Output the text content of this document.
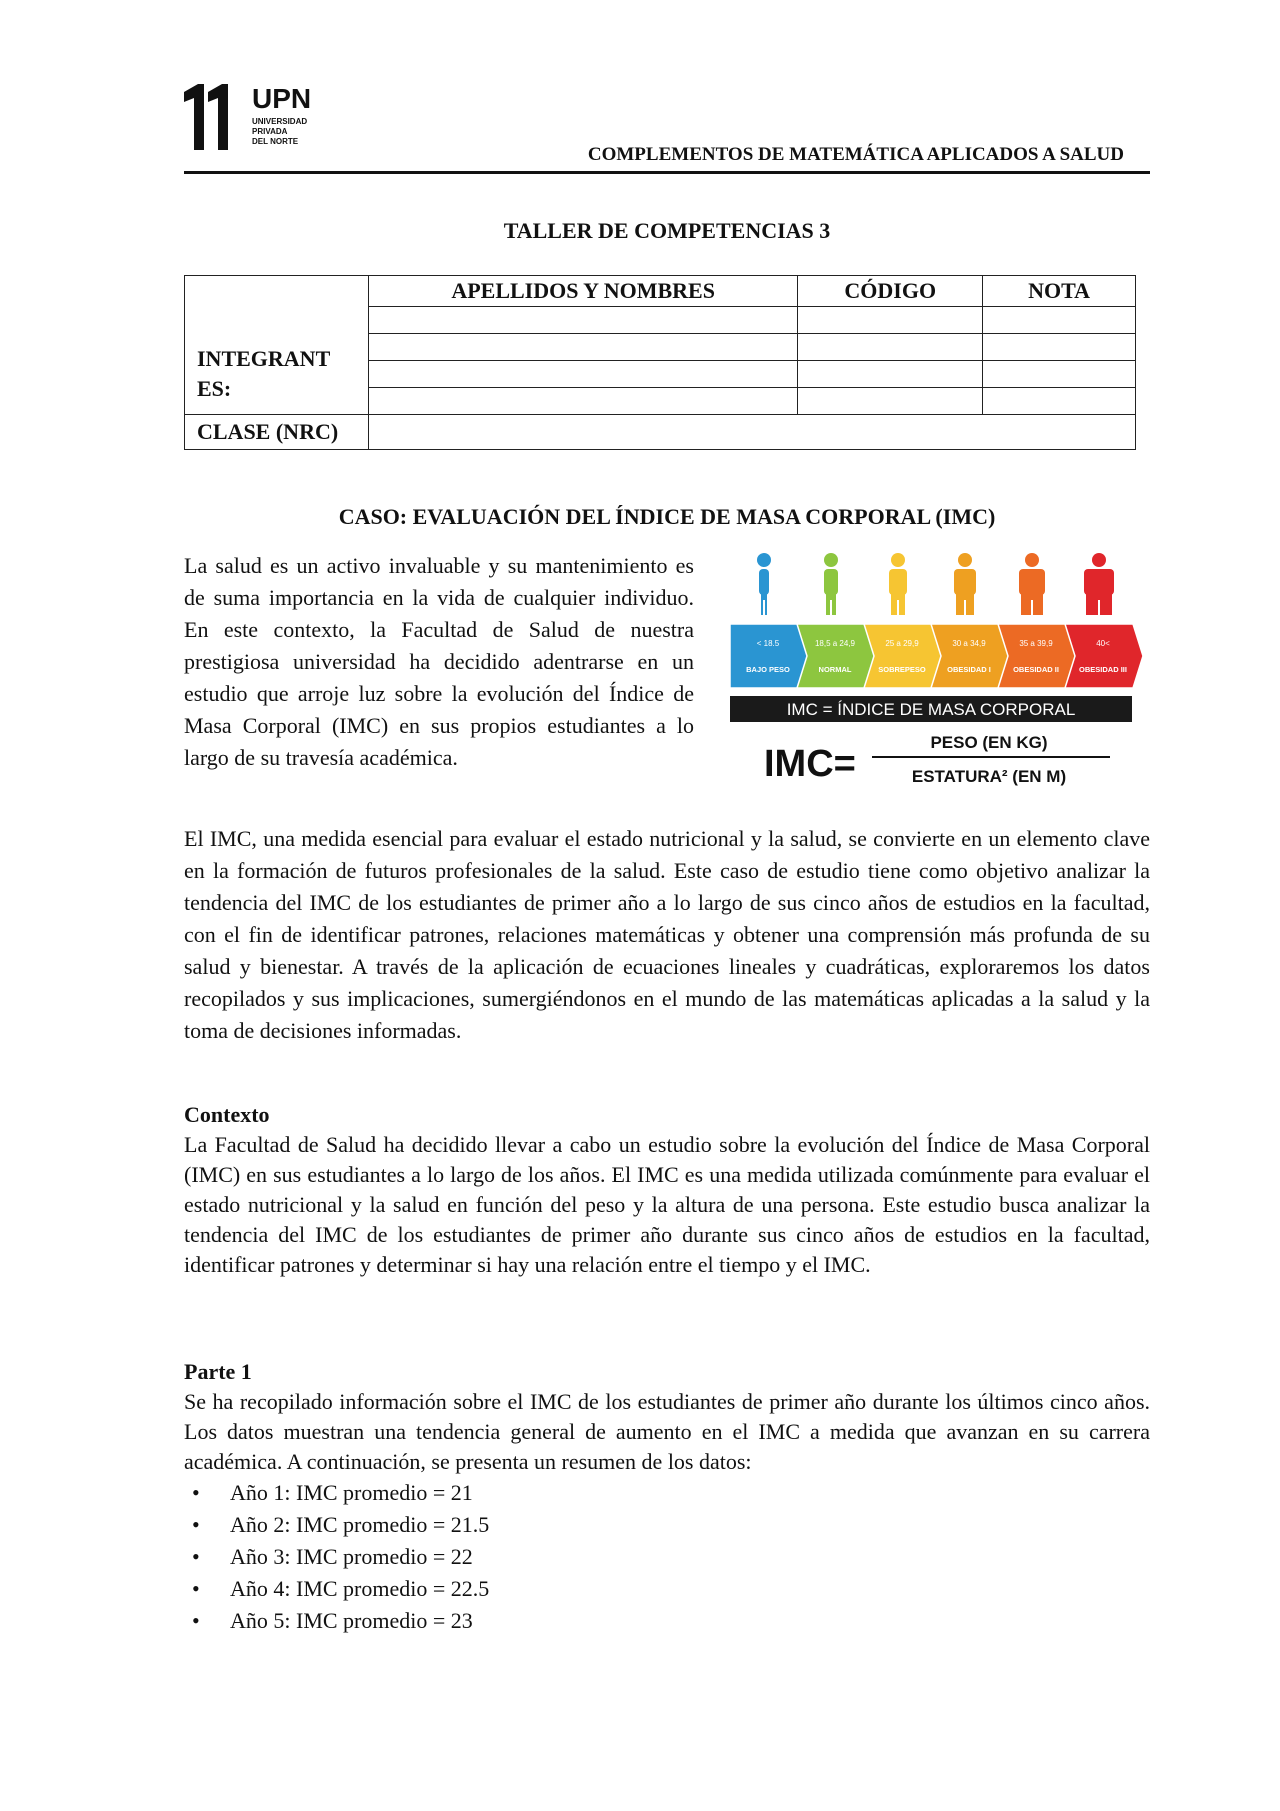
UPN
UNIVERSIDAD
PRIVADA
DEL NORTE
COMPLEMENTOS DE MATEMÁTICA APLICADOS A SALUD
TALLER DE COMPETENCIAS 3
INTEGRANT
ES:	APELLIDOS Y NOMBRES	CÓDIGO	NOTA

CLASE (NRC)			
CASO: EVALUACIÓN DEL ÍNDICE DE MASA CORPORAL (IMC)

La salud es un activo invaluable y su mantenimiento es de suma importancia en la vida de cualquier individuo. En este contexto, la Facultad de Salud de nuestra prestigiosa universidad ha decidido adentrarse en un estudio que arroje luz sobre la evolución del Índice de Masa Corporal (IMC) en sus propios estudiantes a lo largo de su travesía académica.

< 18.5
BAJO PESO
18,5 a 24,9
NORMAL
25 a 29,9
SOBREPESO
30 a 34,9
OBESIDAD I
35 a 39,9
OBESIDAD II
40<
OBESIDAD III
IMC = ÍNDICE DE MASA CORPORAL
IMC=
PESO (EN KG)
ESTATURA² (EN M)

El IMC, una medida esencial para evaluar el estado nutricional y la salud, se convierte en un elemento clave en la formación de futuros profesionales de la salud. Este caso de estudio tiene como objetivo analizar la tendencia del IMC de los estudiantes de primer año a lo largo de sus cinco años de estudios en la facultad, con el fin de identificar patrones, relaciones matemáticas y obtener una comprensión más profunda de su salud y bienestar. A través de la aplicación de ecuaciones lineales y cuadráticas, exploraremos los datos recopilados y sus implicaciones, sumergiéndonos en el mundo de las matemáticas aplicadas a la salud y la toma de decisiones informadas.

Contexto

La Facultad de Salud ha decidido llevar a cabo un estudio sobre la evolución del Índice de Masa Corporal (IMC) en sus estudiantes a lo largo de los años. El IMC es una medida utilizada comúnmente para evaluar el estado nutricional y la salud en función del peso y la altura de una persona. Este estudio busca analizar la tendencia del IMC de los estudiantes de primer año durante sus cinco años de estudios en la facultad, identificar patrones y determinar si hay una relación entre el tiempo y el IMC.

Parte 1

Se ha recopilado información sobre el IMC de los estudiantes de primer año durante los últimos cinco años. Los datos muestran una tendencia general de aumento en el IMC a medida que avanzan en su carrera académica. A continuación, se presenta un resumen de los datos:

• Año 1: IMC promedio = 21
• Año 2: IMC promedio = 21.5
• Año 3: IMC promedio = 22
• Año 4: IMC promedio = 22.5
• Año 5: IMC promedio = 23
